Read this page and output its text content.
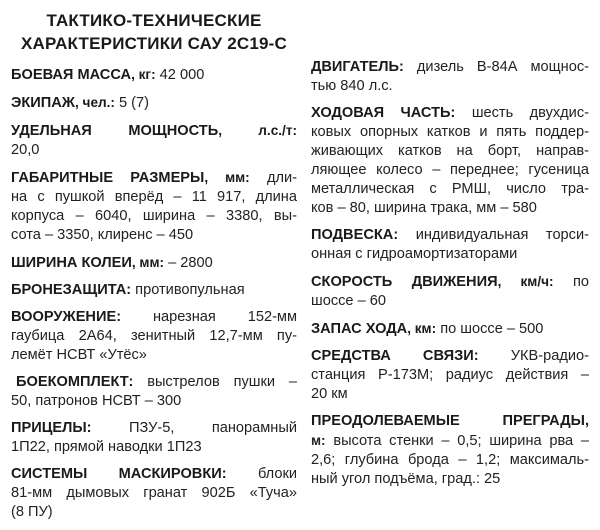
ТАКТИКО-ТЕХНИЧЕСКИЕ
ХАРАКТЕРИСТИКИ САУ 2С19-С
БОЕВАЯ МАССА, кг: 42 000
ЭКИПАЖ, чел.: 5 (7)
УДЕЛЬНАЯ МОЩНОСТЬ, л.с./т:
20,0
ГАБАРИТНЫЕ РАЗМЕРЫ, мм: дли-
на с пушкой вперёд – 11 917, длина
корпуса – 6040, ширина – 3380, вы-
сота – 3350, клиренс – 450
ШИРИНА КОЛЕИ, мм: – 2800
БРОНЕЗАЩИТА: противопульная
ВООРУЖЕНИЕ: нарезная 152-мм
гаубица 2А64, зенитный 12,7-мм пу-
лемёт НСВТ «Утёс»
БОЕКОМПЛЕКТ: выстрелов пушки –
50, патронов НСВТ – 300
ПРИЦЕЛЫ:	ПЗУ-5, панорамный
1П22, прямой наводки 1П23
СИСТЕМЫ МАСКИРОВКИ: блоки
81-мм дымовых гранат 902Б «Туча»
(8 ПУ)
ДВИГАТЕЛЬ: дизель В-84А мощнос-
тью 840 л.с.
ХОДОВАЯ ЧАСТЬ: шесть двухдис-
ковых опорных катков и пять поддер-
живающих катков на борт, направ-
ляющее колесо – переднее; гусеница
металлическая с РМШ, число тра-
ков – 80, ширина трака, мм – 580
ПОДВЕСКА: индивидуальная торси-
онная с гидроамортизаторами
СКОРОСТЬ ДВИЖЕНИЯ, км/ч: по
шоссе – 60
ЗАПАС ХОДА, км: по шоссе – 500
СРЕДСТВА СВЯЗИ: УКВ-радио-
станция Р-173М; радиус действия –
20 км
ПРЕОДОЛЕВАЕМЫЕ ПРЕГРАДЫ,
м: высота стенки – 0,5; ширина рва –
2,6; глубина брода – 1,2; максималь-
ный угол подъёма, град.: 25
